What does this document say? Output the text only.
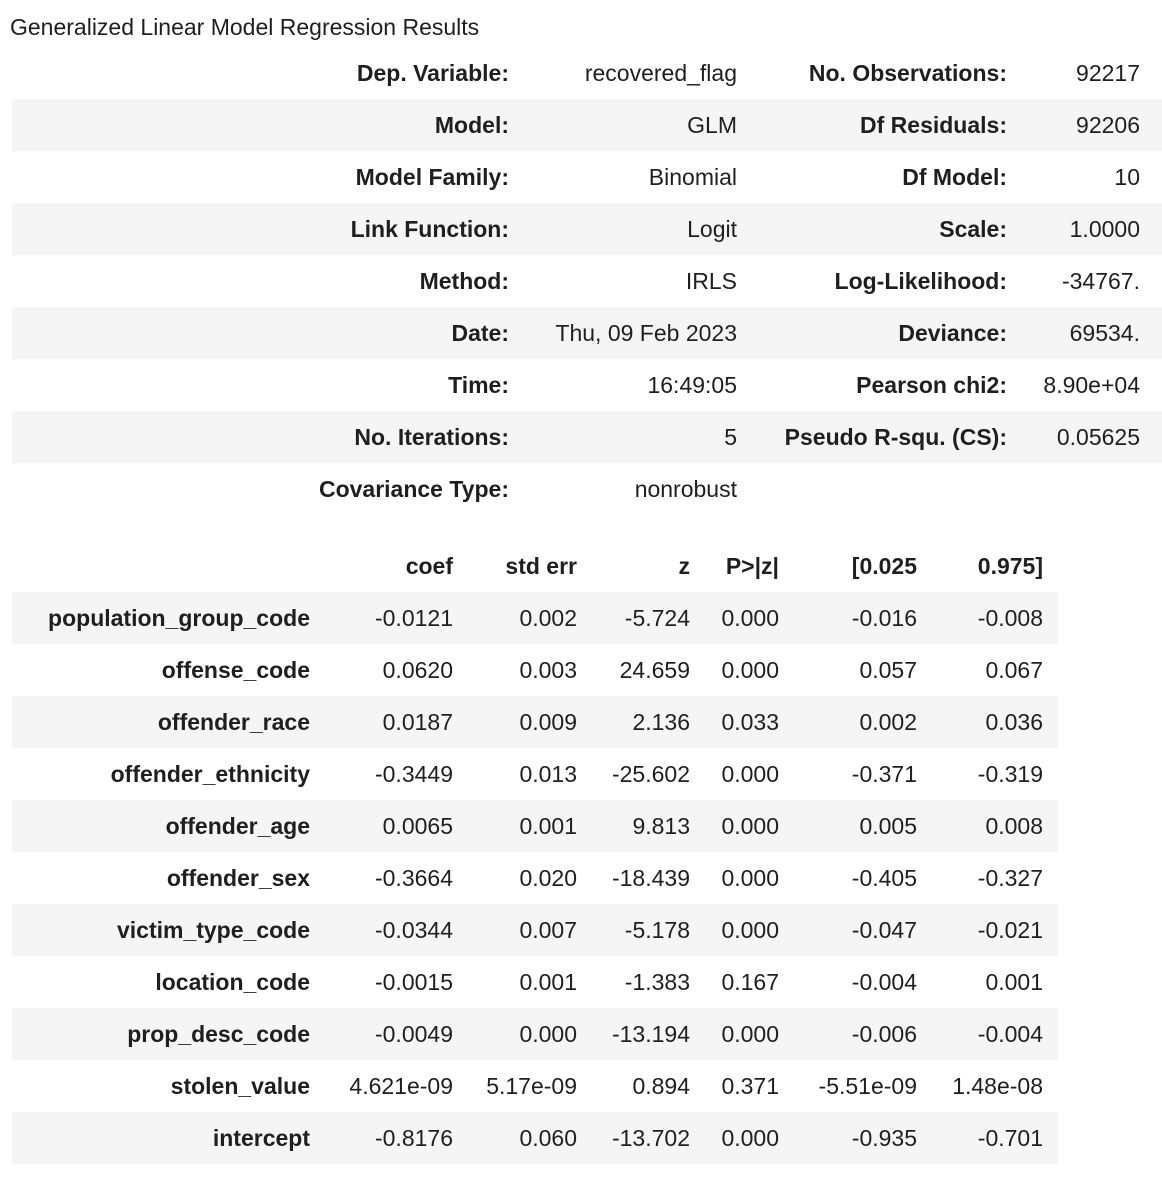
Generalized Linear Model Regression Results
Dep. Variable:	recovered_flag	No. Observations:	92217
Model:	GLM	Df Residuals:	92206
Model Family:	Binomial	Df Model:	10
Link Function:	Logit	Scale:	1.0000
Method:	IRLS	Log-Likelihood:	-34767.
Date:	Thu, 09 Feb 2023	Deviance:	69534.
Time:	16:49:05	Pearson chi2:	8.90e+04
No. Iterations:	5	Pseudo R-squ. (CS):	0.05625
Covariance Type:	nonrobust		
	coef	std err	z	P>|z|	[0.025	0.975]
population_group_code	-0.0121	0.002	-5.724	0.000	-0.016	-0.008
offense_code	0.0620	0.003	24.659	0.000	0.057	0.067
offender_race	0.0187	0.009	2.136	0.033	0.002	0.036
offender_ethnicity	-0.3449	0.013	-25.602	0.000	-0.371	-0.319
offender_age	0.0065	0.001	9.813	0.000	0.005	0.008
offender_sex	-0.3664	0.020	-18.439	0.000	-0.405	-0.327
victim_type_code	-0.0344	0.007	-5.178	0.000	-0.047	-0.021
location_code	-0.0015	0.001	-1.383	0.167	-0.004	0.001
prop_desc_code	-0.0049	0.000	-13.194	0.000	-0.006	-0.004
stolen_value	4.621e-09	5.17e-09	0.894	0.371	-5.51e-09	1.48e-08
intercept	-0.8176	0.060	-13.702	0.000	-0.935	-0.701
